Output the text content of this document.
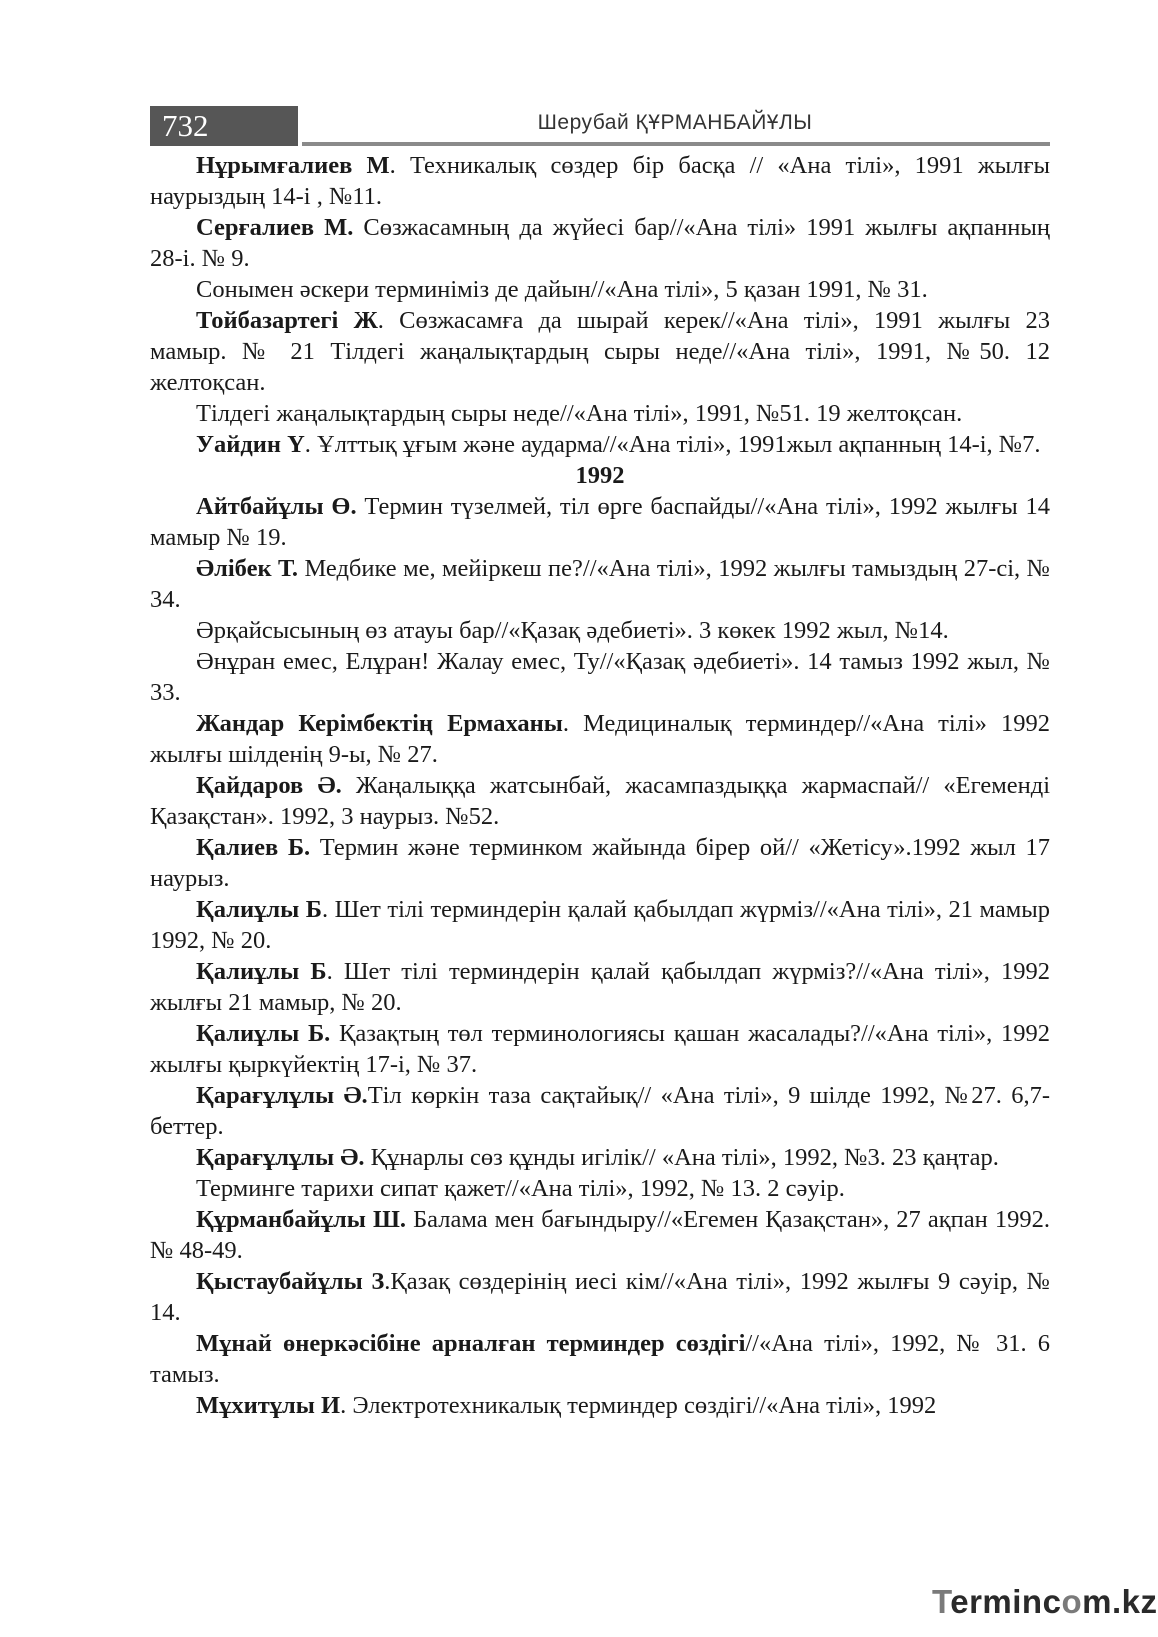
732	Шерубай ҚҰРМАНБАЙҰЛЫ

Нұрымғалиев М. Техникалық сөздер бір басқа // «Ана тілі», 1991 жылғы наурыздың 14-і , №11.

Серғалиев М. Сөзжасамның да жүйесі бар//«Ана тілі» 1991 жылғы ақпанның 28-і. № 9.

Сонымен әскери терминіміз де дайын//«Ана тілі», 5 қазан 1991, № 31.

Тойбазартегі Ж. Сөзжасамға да шырай керек//«Ана тілі», 1991 жылғы 23 мамыр. № 21 Тілдегі жаңалықтардың сыры неде//«Ана тілі», 1991, №50. 12 желтоқсан.

Тілдегі жаңалықтардың сыры неде//«Ана тілі», 1991, №51. 19 желтоқсан.

Уайдин Ү. Ұлттық ұғым және аударма//«Ана тілі», 1991жыл ақпанның 14-і, №7.

1992

Айтбайұлы Ө. Термин түзелмей, тіл өрге баспайды//«Ана тілі», 1992 жылғы 14 мамыр № 19.

Әлібек Т. Медбике ме, мейіркеш пе?//«Ана тілі», 1992 жылғы тамыздың 27-сі, № 34.

Әрқайсысының өз атауы бар//«Қазақ әдебиеті». 3 көкек 1992 жыл, №14.

Әнұран емес, Елұран! Жалау емес, Ту//«Қазақ әдебиеті». 14 тамыз 1992 жыл, № 33.

Жандар Керімбектің Ермаханы. Медициналық терминдер//«Ана тілі» 1992 жылғы шілденің 9-ы, № 27.

Қайдаров Ә. Жаңалыққа жатсынбай, жасампаздыққа жармаспай// «Егеменді Қазақстан». 1992, 3 наурыз. №52.

Қалиев Б. Термин және терминком жайында бірер ой// «Жетісу».1992 жыл 17 наурыз.

Қалиұлы Б. Шет тілі терминдерін қалай қабылдап жүрміз//«Ана тілі», 21 мамыр 1992, № 20.

Қалиұлы Б. Шет тілі терминдерін қалай қабылдап жүрміз?//«Ана тілі», 1992 жылғы 21 мамыр, № 20.

Қалиұлы Б. Қазақтың төл терминологиясы қашан жасалады?//«Ана тілі», 1992 жылғы қыркүйектің 17-і, № 37.

Қарағұлұлы Ә.Тіл көркін таза сақтайық// «Ана тілі», 9 шілде 1992, №27. 6,7-беттер.

Қарағұлұлы Ә. Құнарлы сөз құнды игілік// «Ана тілі», 1992, №3. 23 қаңтар.

Терминге тарихи сипат қажет//«Ана тілі», 1992, № 13. 2 сәуір.

Құрманбайұлы Ш. Балама мен бағындыру//«Егемен Қазақстан», 27 ақпан 1992. № 48-49.

Қыстаубайұлы З.Қазақ сөздерінің иесі кім//«Ана тілі», 1992 жылғы 9 сәуір, № 14.

Мұнай өнеркәсібіне арналған терминдер сөздігі//«Ана тілі», 1992, № 31. 6 тамыз.

Мұхитұлы И. Электротехникалық терминдер сөздігі//«Ана тілі», 1992

Termincom.kz
